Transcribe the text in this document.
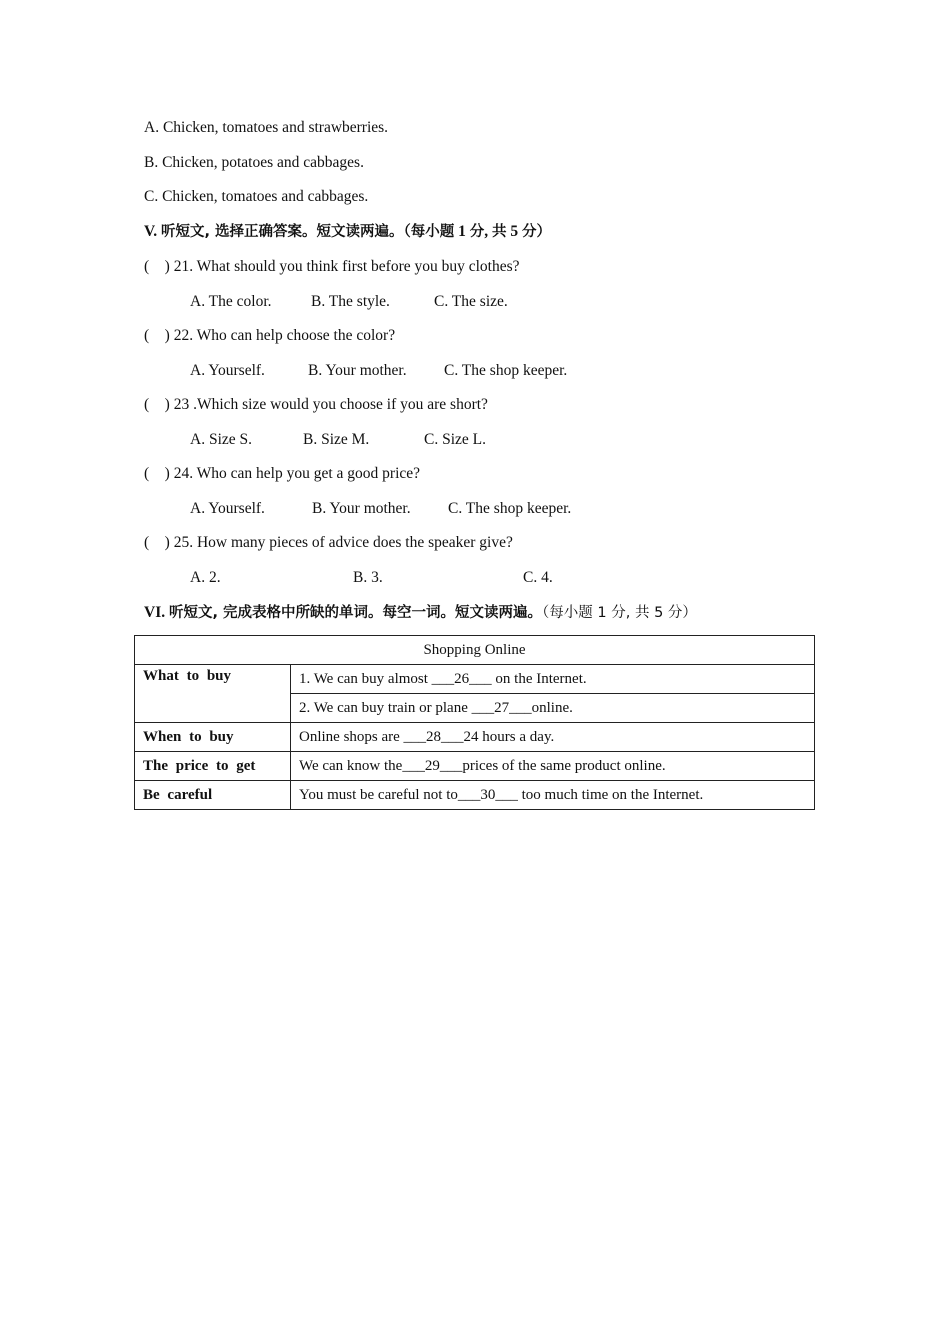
A. Chicken, tomatoes and strawberries.
B. Chicken, potatoes and cabbages.
C. Chicken, tomatoes and cabbages.
V. 听短文, 选择正确答案。短文读两遍。（每小题 1 分, 共 5 分）
(    ) 21. What should you think first before you buy clothes?
A. The color.	B. The style.	C. The size.
(    ) 22. Who can help choose the color?
A. Yourself.	B. Your mother. C. The shop keeper.
(    ) 23 .Which size would you choose if you are short?
A. Size S.	B. Size M.	C. Size L.
(    ) 24. Who can help you get a good price?
A. Yourself.	B. Your mother. C. The shop keeper.
(    ) 25. How many pieces of advice does the speaker give?
A. 2.	B. 3.	C. 4.
VI. 听短文, 完成表格中所缺的单词。每空一词。短文读两遍。（每小题 1 分, 共 5 分）
Shopping Online	
What to buy	1. We can buy almost ___26___ on the Internet.
	2. We can buy train or plane ___27___online.
When to buy	Online shops are ___28___24 hours a day.
The price to get	We can know the___29___prices of the same product online.
Be careful	You must be careful not to___30___ too much time on the Internet.
